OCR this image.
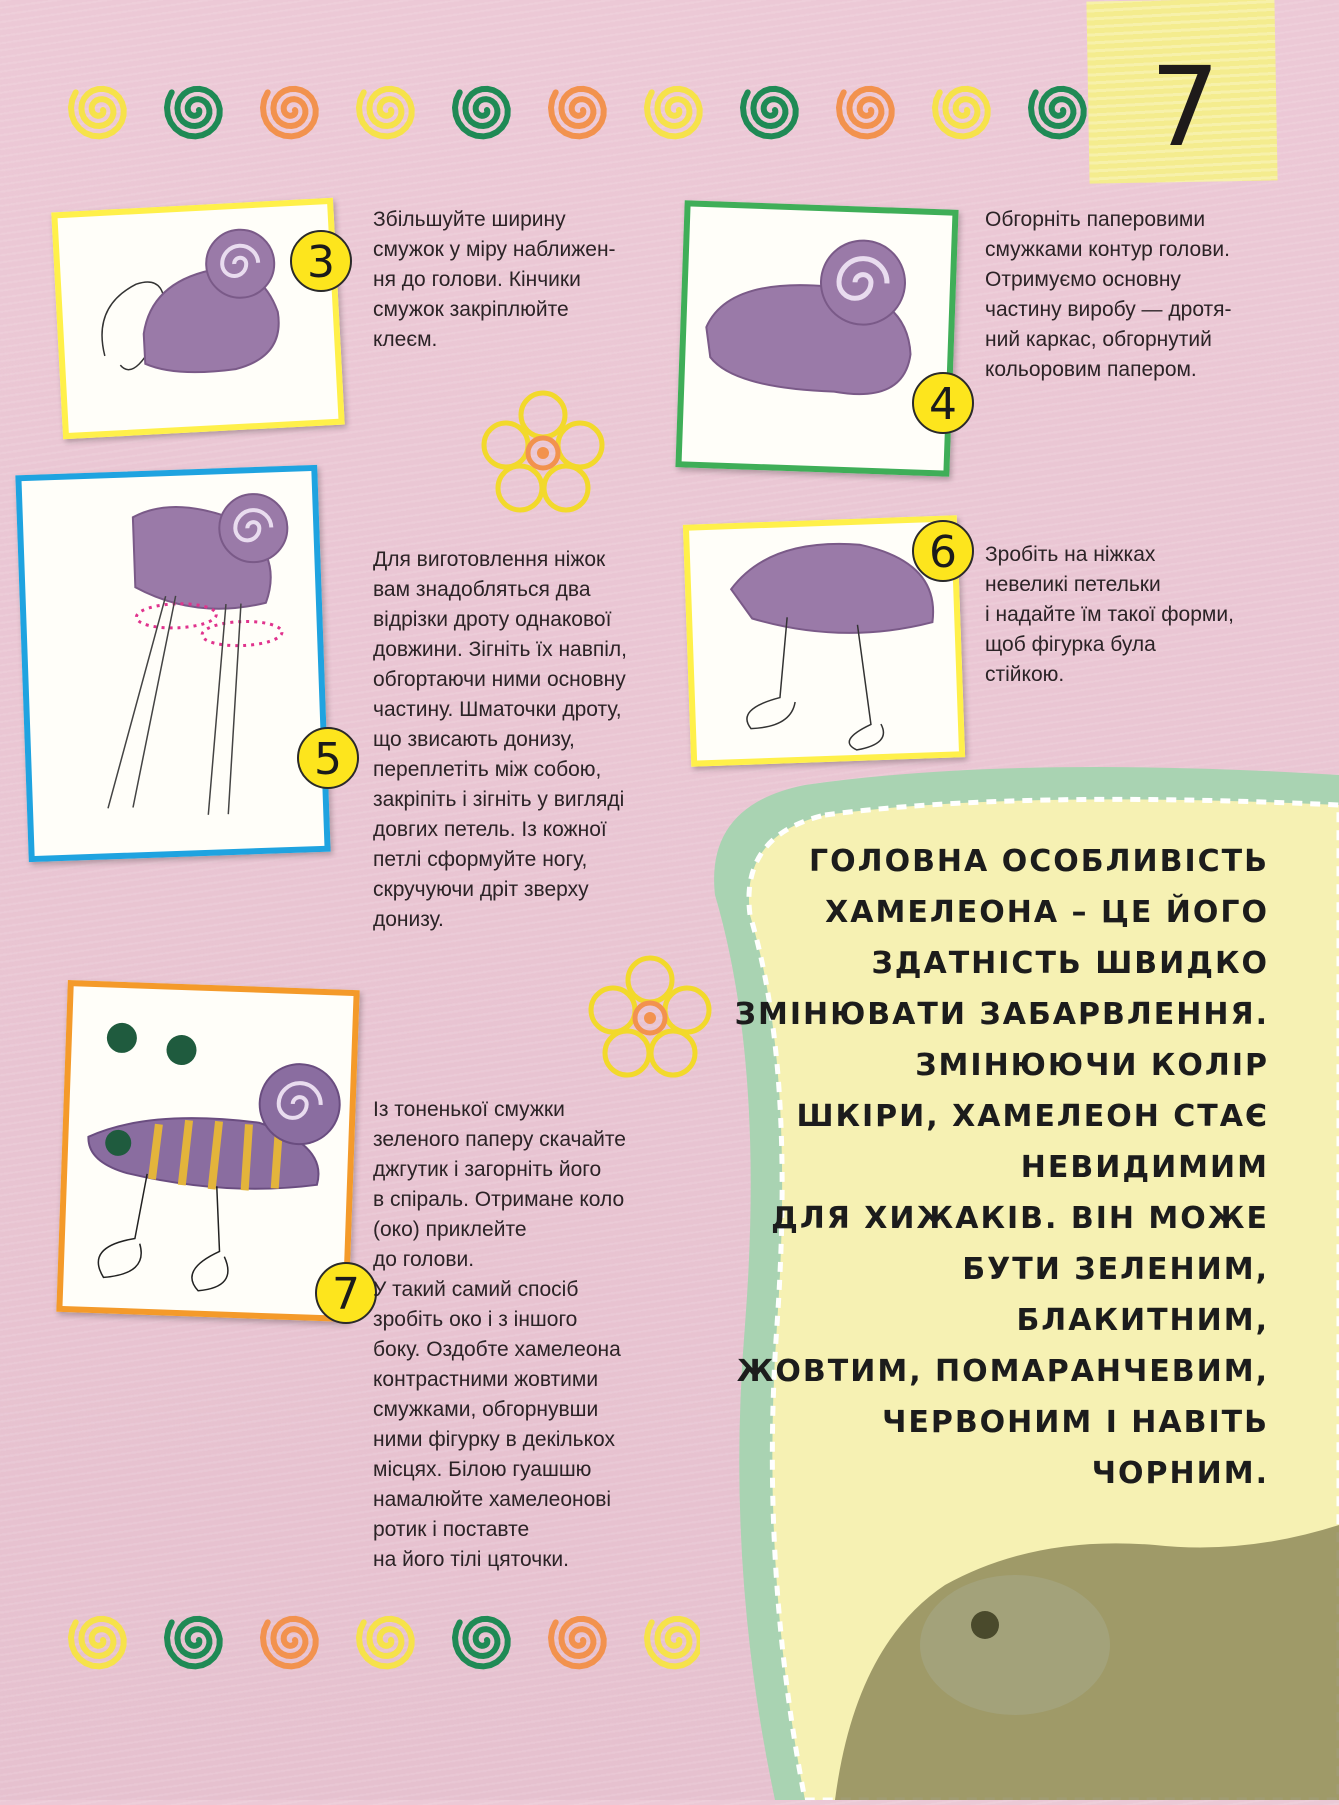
7
3
Збільшуйте ширину
смужок у міру наближен-
ня до голови. Кінчики
смужок закріплюйте
клеєм.
4
Обгорніть паперовими
смужками контур голови.
Отримуємо основну
частину виробу — дротя-
ний каркас, обгорнутий
кольоровим папером.
5
Для виготовлення ніжок
вам знадобляться два
відрізки дроту однакової
довжини. Зігніть їх навпіл,
обгортаючи ними основну
частину. Шматочки дроту,
що звисають донизу,
переплетіть між собою,
закріпіть і зігніть у вигляді
довгих петель. Із кожної
петлі сформуйте ногу,
скручуючи дріт зверху
донизу.
6	Зробіть на ніжках
невеликі петельки
і надайте їм такої форми,
щоб фігурка була
стійкою.
ГОЛОВНА ОСОБЛИВІСТЬ
ХАМЕЛЕОНА – ЦЕ ЙОГО
ЗДАТНІСТЬ ШВИДКО
ЗМІНЮВАТИ ЗАБАРВЛЕННЯ.
ЗМІНЮЮЧИ КОЛІР
ШКІРИ, ХАМЕЛЕОН СТАЄ
НЕВИДИМИМ
ДЛЯ ХИЖАКІВ. ВІН МОЖЕ
БУТИ ЗЕЛЕНИМ, БЛАКИТНИМ,
ЖОВТИМ, ПОМАРАНЧЕВИМ,
ЧЕРВОНИМ І НАВІТЬ
ЧОРНИМ.
7
Із тоненької смужки
зеленого паперу скачайте
джгутик і загорніть його
в спіраль. Отримане коло
(око) приклейте
до голови.
У такий самий спосіб
зробіть око і з іншого
боку. Оздобте хамелеона
контрастними жовтими
смужками, обгорнувши
ними фігурку в декількох
місцях. Білою гуашшю
намалюйте хамелеонові
ротик і поставте
на його тілі цяточки.
